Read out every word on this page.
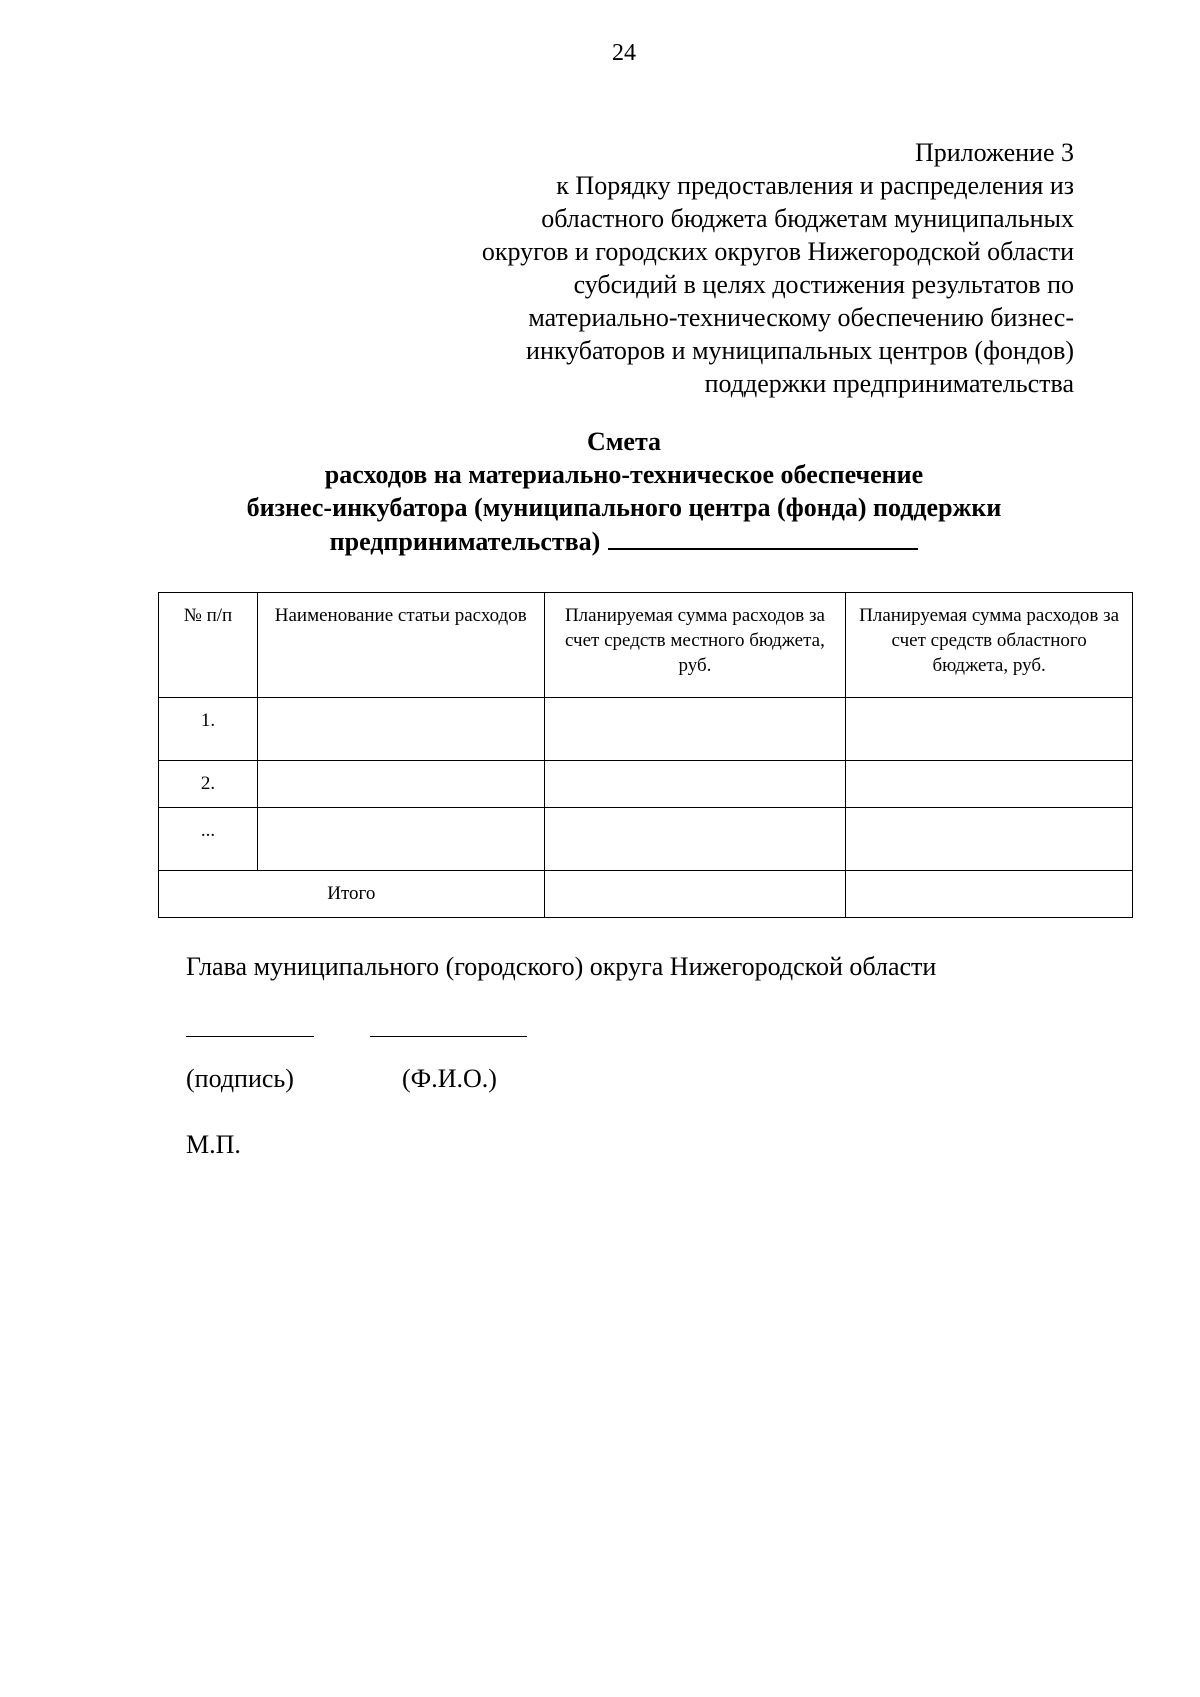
24
Приложение 3
к Порядку предоставления и распределения из
областного бюджета бюджетам муниципальных
округов и городских округов Нижегородской области
субсидий в целях достижения результатов по
материально-техническому обеспечению бизнес-
инкубаторов и муниципальных центров (фондов)
поддержки предпринимательства
Смета
расходов на материально-техническое обеспечение
бизнес-инкубатора (муниципального центра (фонда) поддержки
предпринимательства)
№ п/п	Наименование статьи расходов	Планируемая сумма расходов за счет средств местного бюджета, руб.	Планируемая сумма расходов за счет средств областного бюджета, руб.
1.			
2.			
...			
Итого			
Глава муниципального (городского) округа Нижегородской области
(подпись)	(Ф.И.О.)
М.П.
